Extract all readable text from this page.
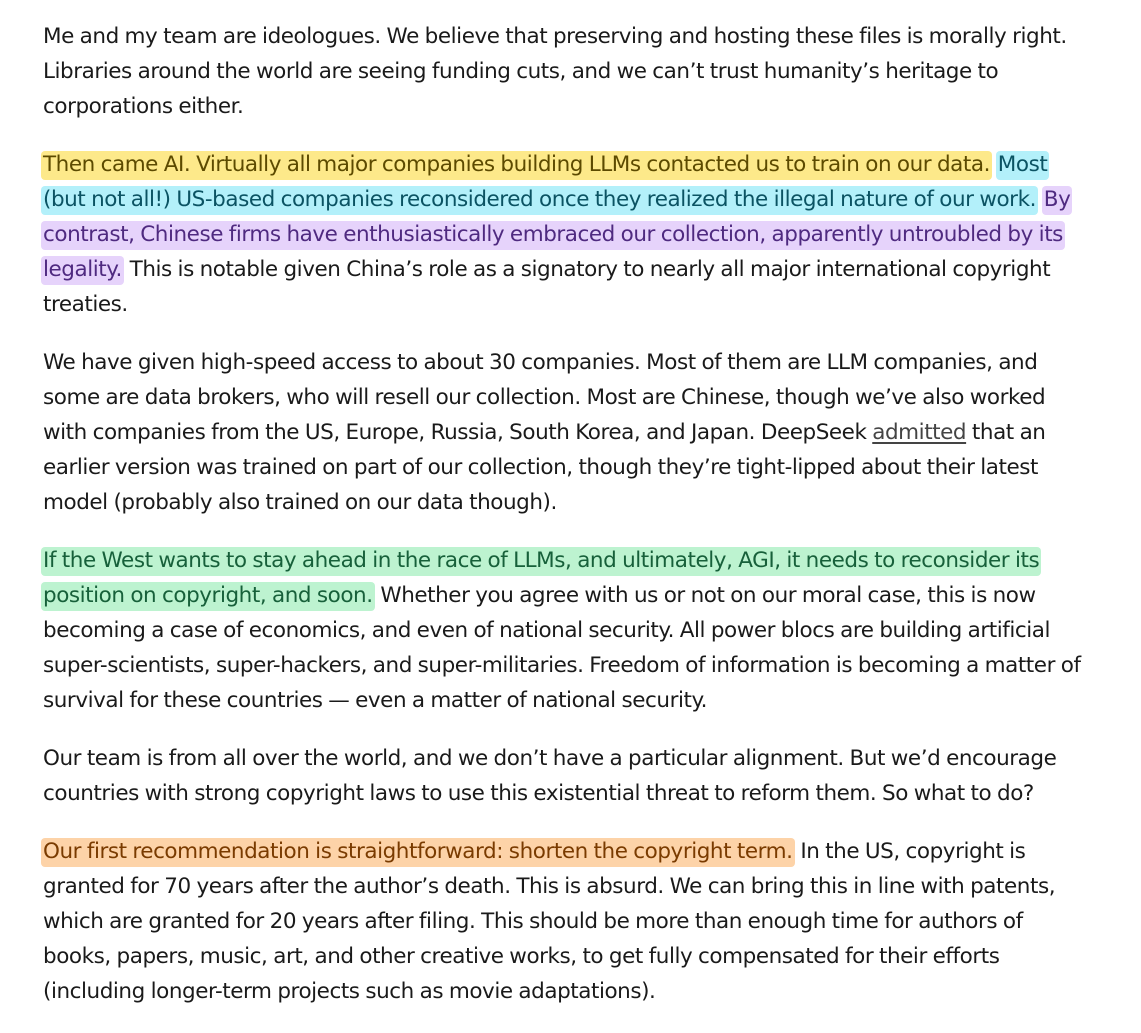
Me and my team are ideologues. We believe that preserving and hosting these files is morally right. Libraries around the world are seeing funding cuts, and we can’t trust humanity’s heritage to corporations either.

Then came AI. Virtually all major companies building LLMs contacted us to train on our data. Most (but not all!) US-based companies reconsidered once they realized the illegal nature of our work. By contrast, Chinese firms have enthusiastically embraced our collection, apparently untroubled by its legality. This is notable given China’s role as a signatory to nearly all major international copyright treaties.

We have given high-speed access to about 30 companies. Most of them are LLM companies, and some are data brokers, who will resell our collection. Most are Chinese, though we’ve also worked with companies from the US, Europe, Russia, South Korea, and Japan. DeepSeek admitted that an earlier version was trained on part of our collection, though they’re tight-lipped about their latest model (probably also trained on our data though).

If the West wants to stay ahead in the race of LLMs, and ultimately, AGI, it needs to reconsider its position on copyright, and soon. Whether you agree with us or not on our moral case, this is now becoming a case of economics, and even of national security. All power blocs are building artificial super-scientists, super-hackers, and super-militaries. Freedom of information is becoming a matter of survival for these countries — even a matter of national security.

Our team is from all over the world, and we don’t have a particular alignment. But we’d encourage countries with strong copyright laws to use this existential threat to reform them. So what to do?

Our first recommendation is straightforward: shorten the copyright term. In the US, copyright is granted for 70 years after the author’s death. This is absurd. We can bring this in line with patents, which are granted for 20 years after filing. This should be more than enough time for authors of books, papers, music, art, and other creative works, to get fully compensated for their efforts (including longer-term projects such as movie adaptations).
